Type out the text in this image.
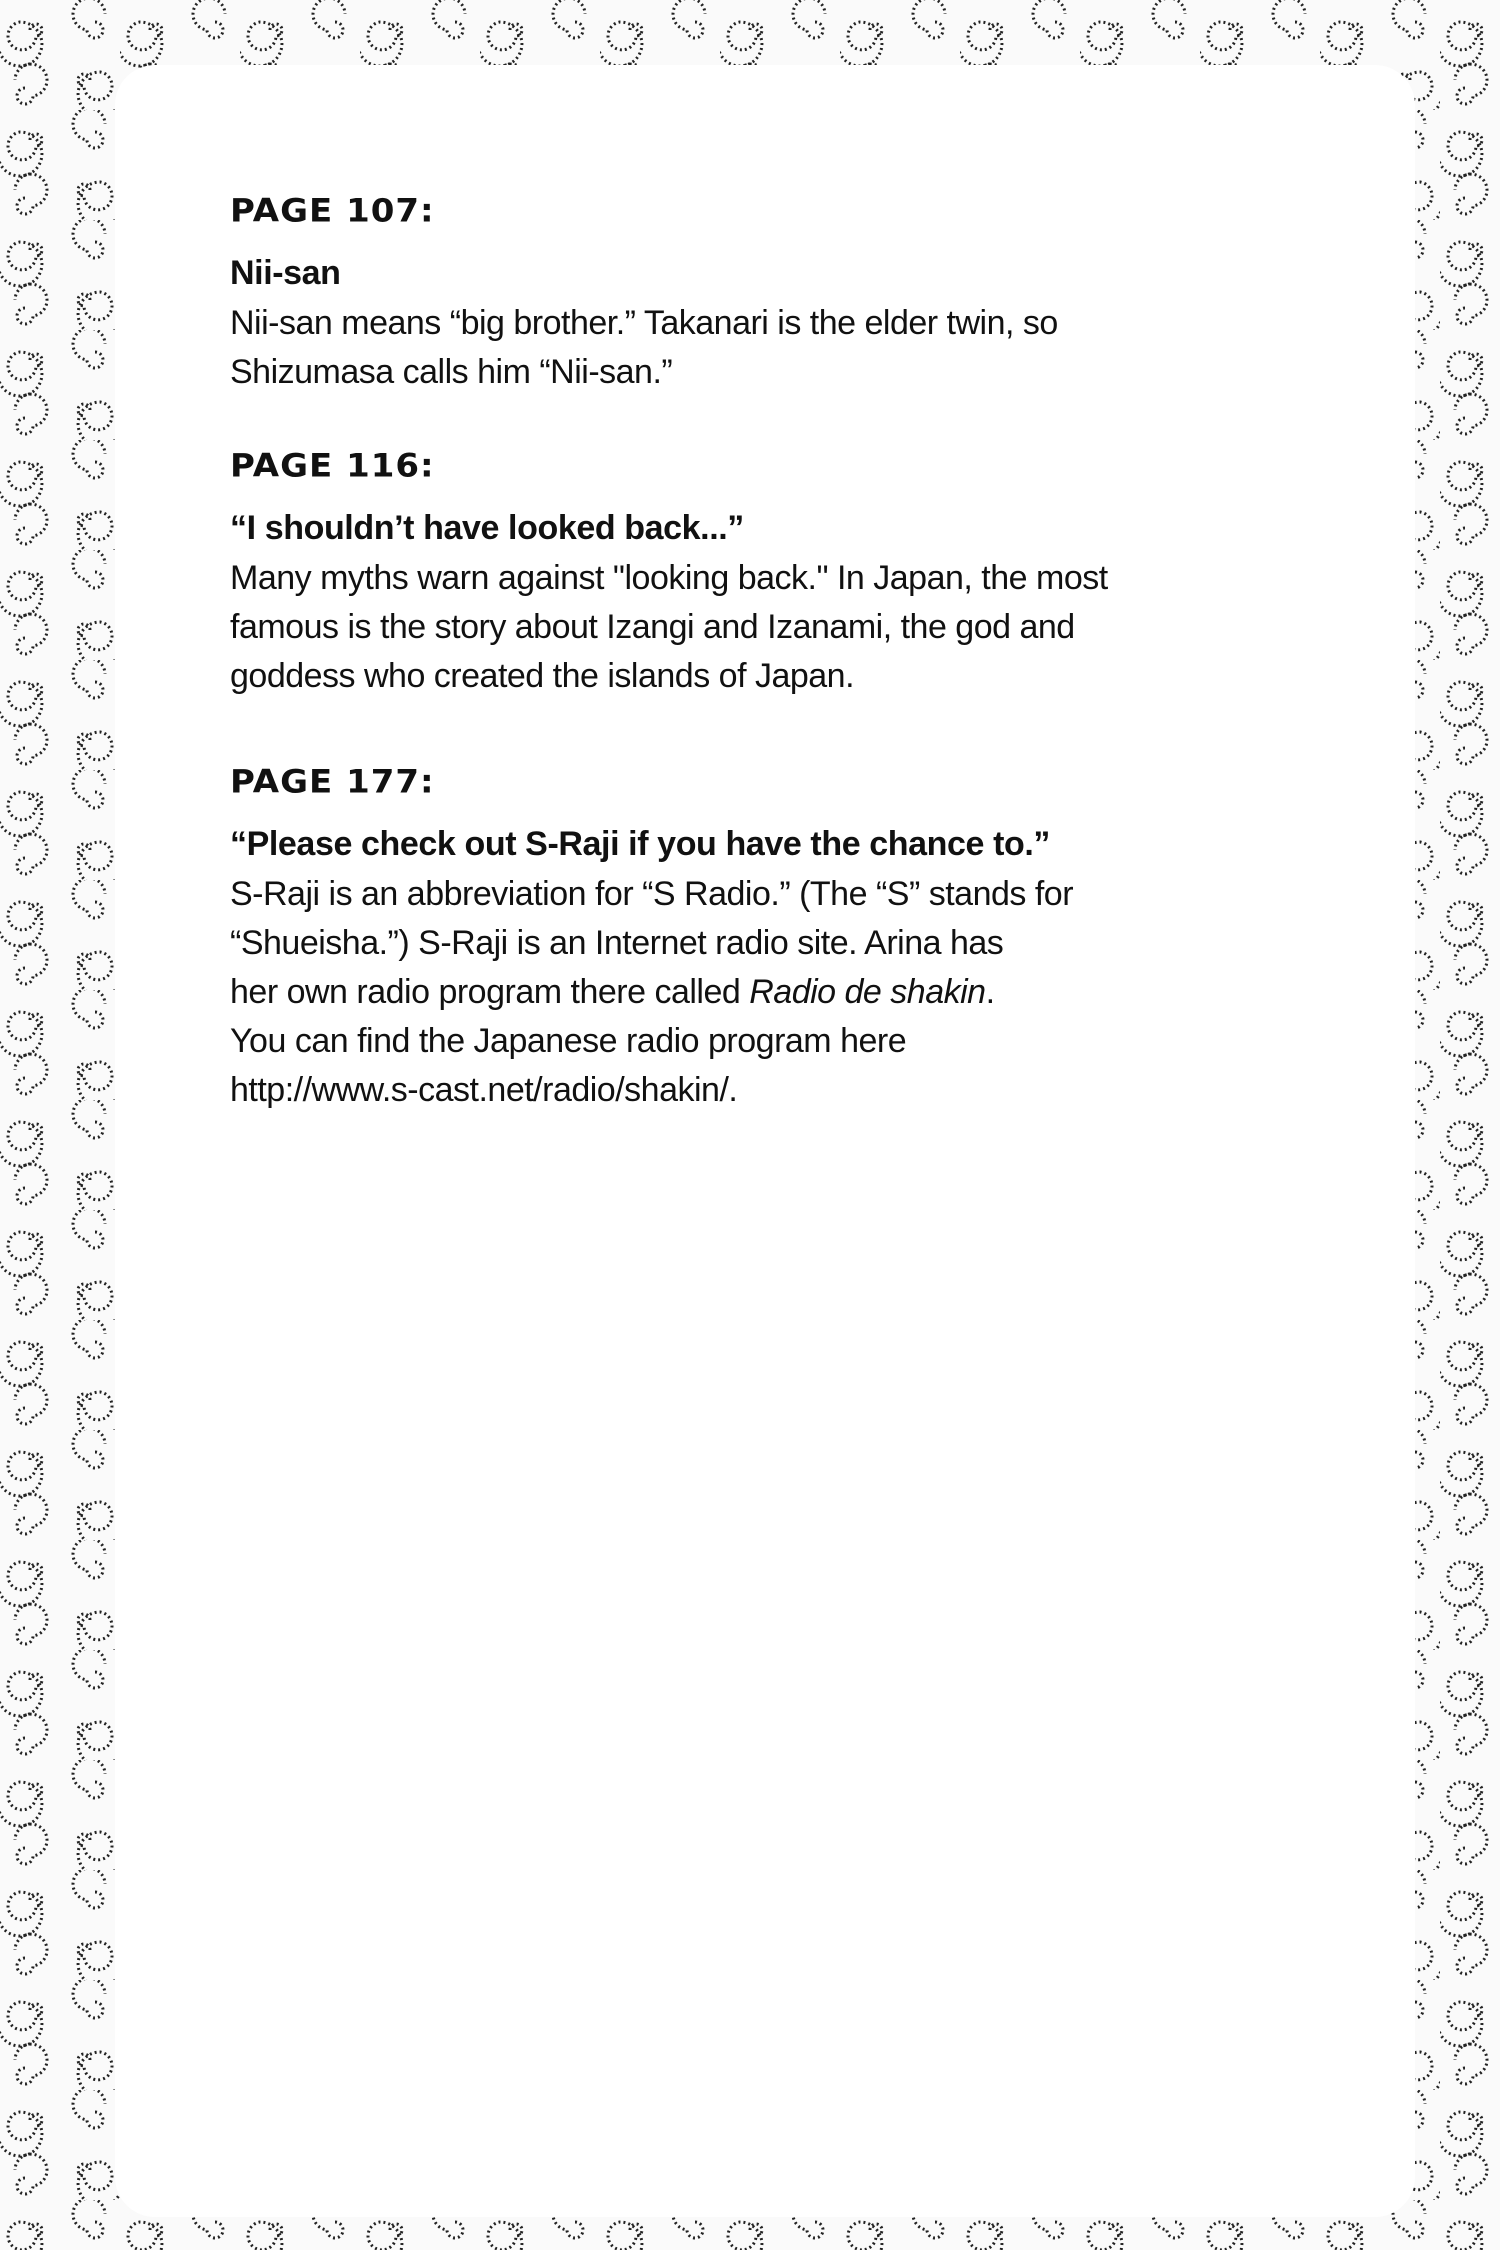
PAGE 107:
Nii-san
Nii-san means “big brother.” Takanari is the elder twin, so
Shizumasa calls him “Nii-san.”
PAGE 116:
“I shouldn’t have looked back...”
Many myths warn against "looking back." In Japan, the most
famous is the story about Izangi and Izanami, the god and
goddess who created the islands of Japan.
PAGE 177:
“Please check out S-Raji if you have the chance to.”
S-Raji is an abbreviation for “S Radio.” (The “S” stands for
“Shueisha.”) S-Raji is an Internet radio site. Arina has
her own radio program there called Radio de shakin.
You can find the Japanese radio program here
http://www.s-cast.net/radio/shakin/.
